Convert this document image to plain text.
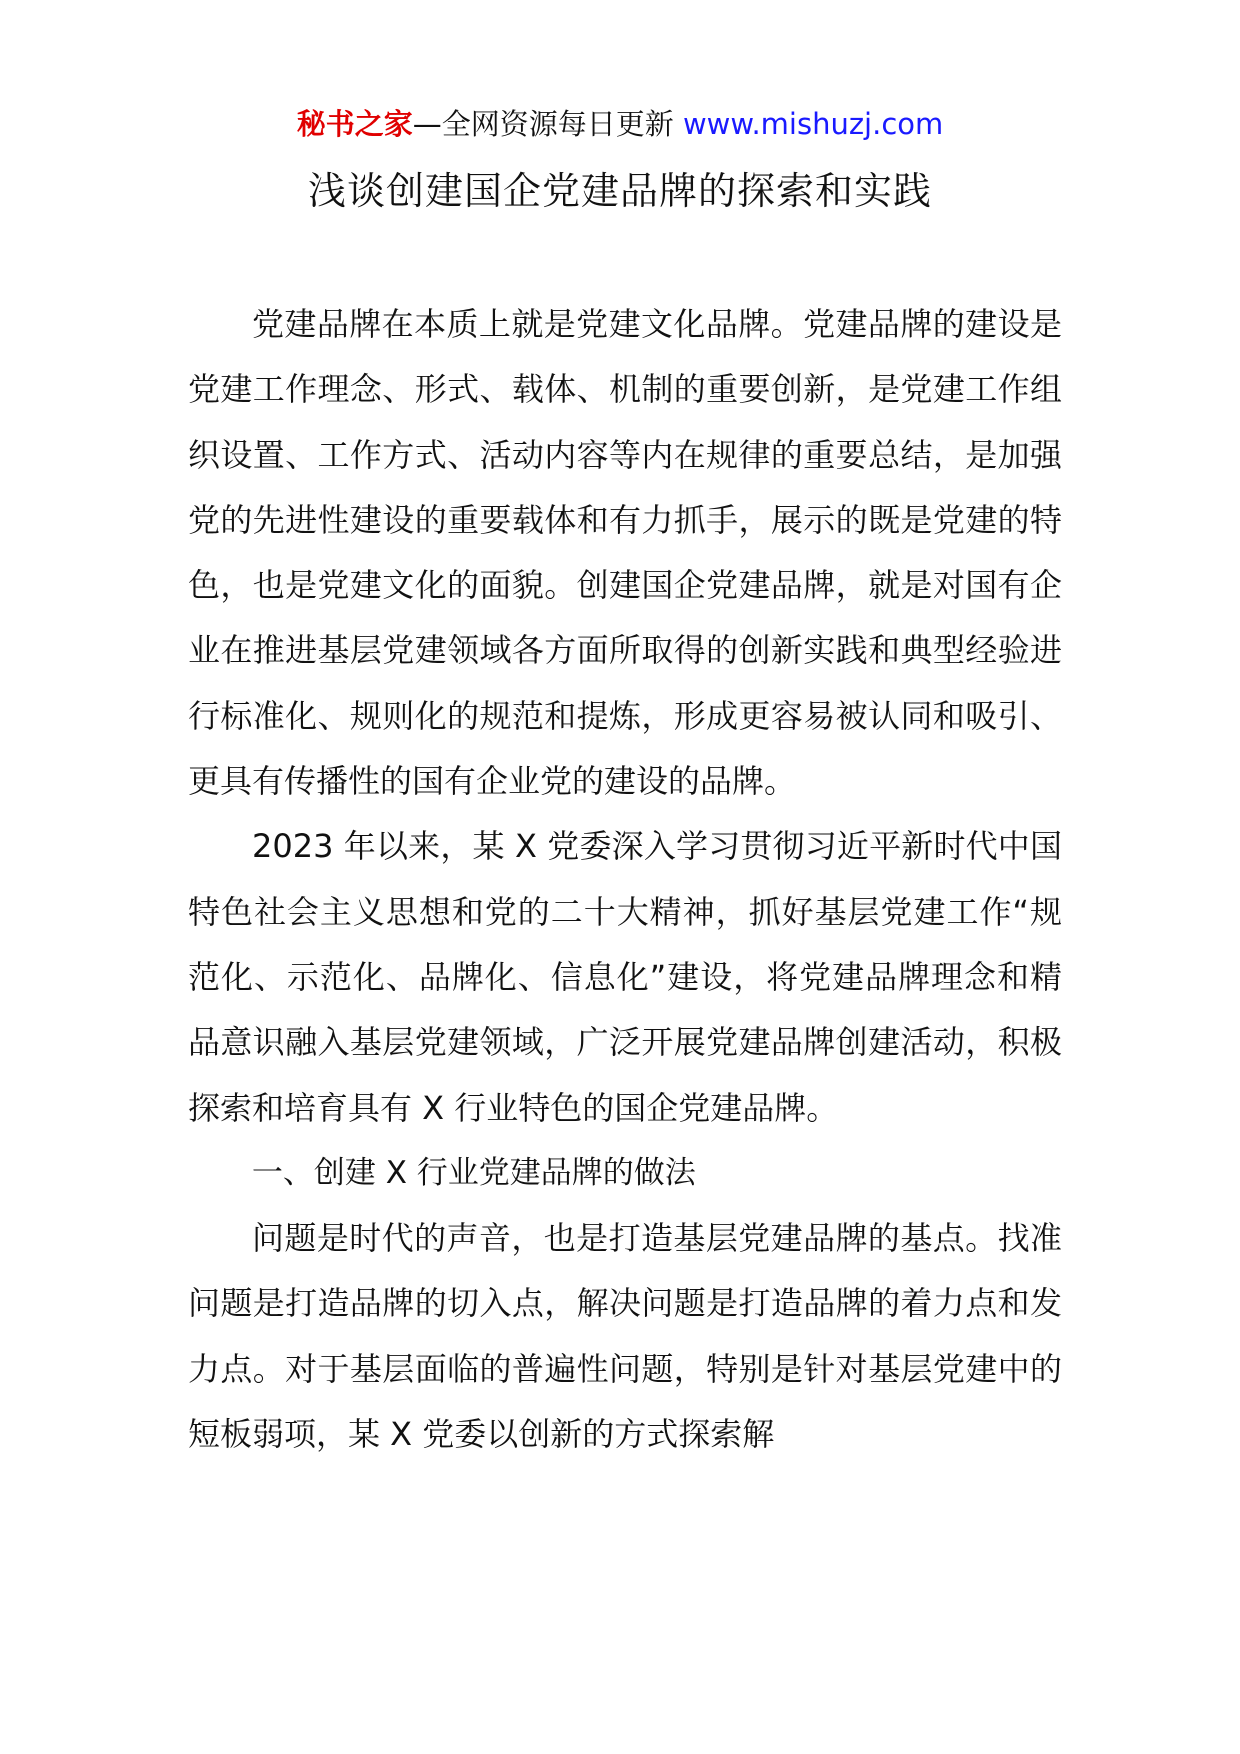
秘书之家—全网资源每日更新 www.mishuzj.com
浅谈创建国企党建品牌的探索和实践

党建品牌在本质上就是党建文化品牌。党建品牌的建设是党建工作理念、形式、载体、机制的重要创新，是党建工作组织设置、工作方式、活动内容等内在规律的重要总结，是加强党的先进性建设的重要载体和有力抓手，展示的既是党建的特色，也是党建文化的面貌。创建国企党建品牌，就是对国有企业在推进基层党建领域各方面所取得的创新实践和典型经验进行标准化、规则化的规范和提炼，形成更容易被认同和吸引、更具有传播性的国有企业党的建设的品牌。

2023 年以来，某 X 党委深入学习贯彻习近平新时代中国特色社会主义思想和党的二十大精神，抓好基层党建工作“规范化、示范化、品牌化、信息化”建设，将党建品牌理念和精品意识融入基层党建领域，广泛开展党建品牌创建活动，积极探索和培育具有 X 行业特色的国企党建品牌。

一、创建 X 行业党建品牌的做法

问题是时代的声音，也是打造基层党建品牌的基点。找准问题是打造品牌的切入点，解决问题是打造品牌的着力点和发力点。对于基层面临的普遍性问题，特别是针对基层党建中的短板弱项，某 X 党委以创新的方式探索解
